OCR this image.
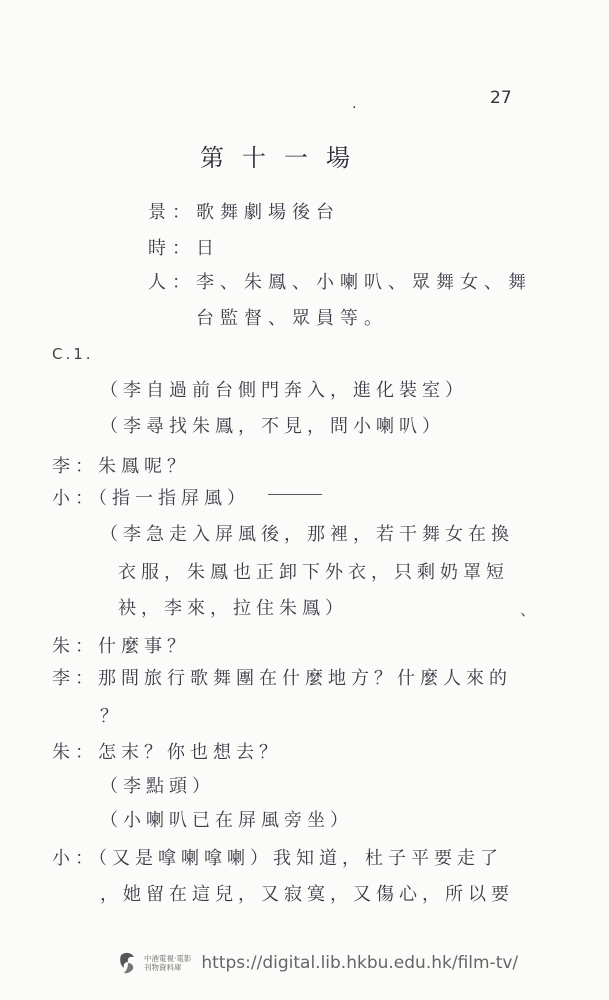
.	27
第十一場
景：歌舞劇場後台
時：日
人：李、朱鳳、小喇叭、眾舞女、舞
台監督、眾員等。
C.1.
（李自過前台側門奔入，進化裝室）
（李尋找朱鳳，不見，問小喇叭）
李：朱鳳呢？
小：（指一指屏風）
（李急走入屏風後，那裡，若干舞女在換
衣服，朱鳳也正卸下外衣，只剩奶罩短
袂，李來，拉住朱鳳）	、
朱：什麼事？
李：那間旅行歌舞團在什麼地方？什麼人來的
？
朱：怎末？你也想去？
（李點頭）
（小喇叭已在屏風旁坐）
小：（又是嗱喇嗱喇）我知道，杜子平要走了
，她留在這兒，又寂寞，又傷心，所以要
中港電視·電影
刊物資料庫	https://digital.lib.hkbu.edu.hk/film-tv/
